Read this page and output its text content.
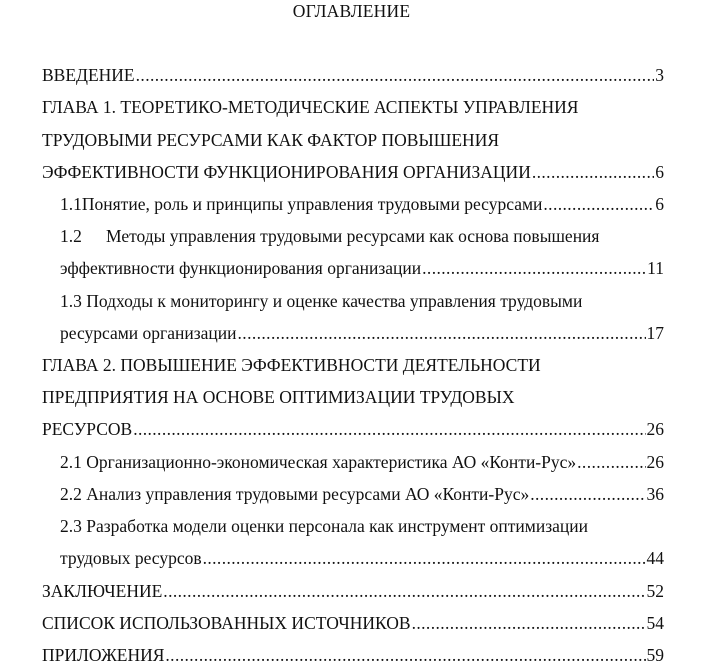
ОГЛАВЛЕНИЕ
ВВЕДЕНИЕ .....	3
ГЛАВА 1. ТЕОРЕТИКО-МЕТОДИЧЕСКИЕ АСПЕКТЫ УПРАВЛЕНИЯ
ТРУДОВЫМИ РЕСУРСАМИ КАК ФАКТОР ПОВЫШЕНИЯ
ЭФФЕКТИВНОСТИ ФУНКЦИОНИРОВАНИЯ ОРГАНИЗАЦИИ .....	6
1.1 Понятие, роль и принципы управления трудовыми ресурсами .....	6
1.2	Методы управления трудовыми ресурсами как основа повышения
эффективности функционирования организации .....	11
1.3 Подходы к мониторингу и оценке качества управления трудовыми
ресурсами организации .....	17
ГЛАВА 2. ПОВЫШЕНИЕ ЭФФЕКТИВНОСТИ ДЕЯТЕЛЬНОСТИ
ПРЕДПРИЯТИЯ НА ОСНОВЕ ОПТИМИЗАЦИИ ТРУДОВЫХ
РЕСУРСОВ .....	26
2.1 Организационно-экономическая характеристика АО «Конти-Рус» .....	26
2.2 Анализ управления трудовыми ресурсами АО «Конти-Рус» .....	36
2.3 Разработка модели оценки персонала как инструмент оптимизации
трудовых ресурсов .....	44
ЗАКЛЮЧЕНИЕ .....	52
СПИСОК ИСПОЛЬЗОВАННЫХ ИСТОЧНИКОВ .....	54
ПРИЛОЖЕНИЯ .....	59
